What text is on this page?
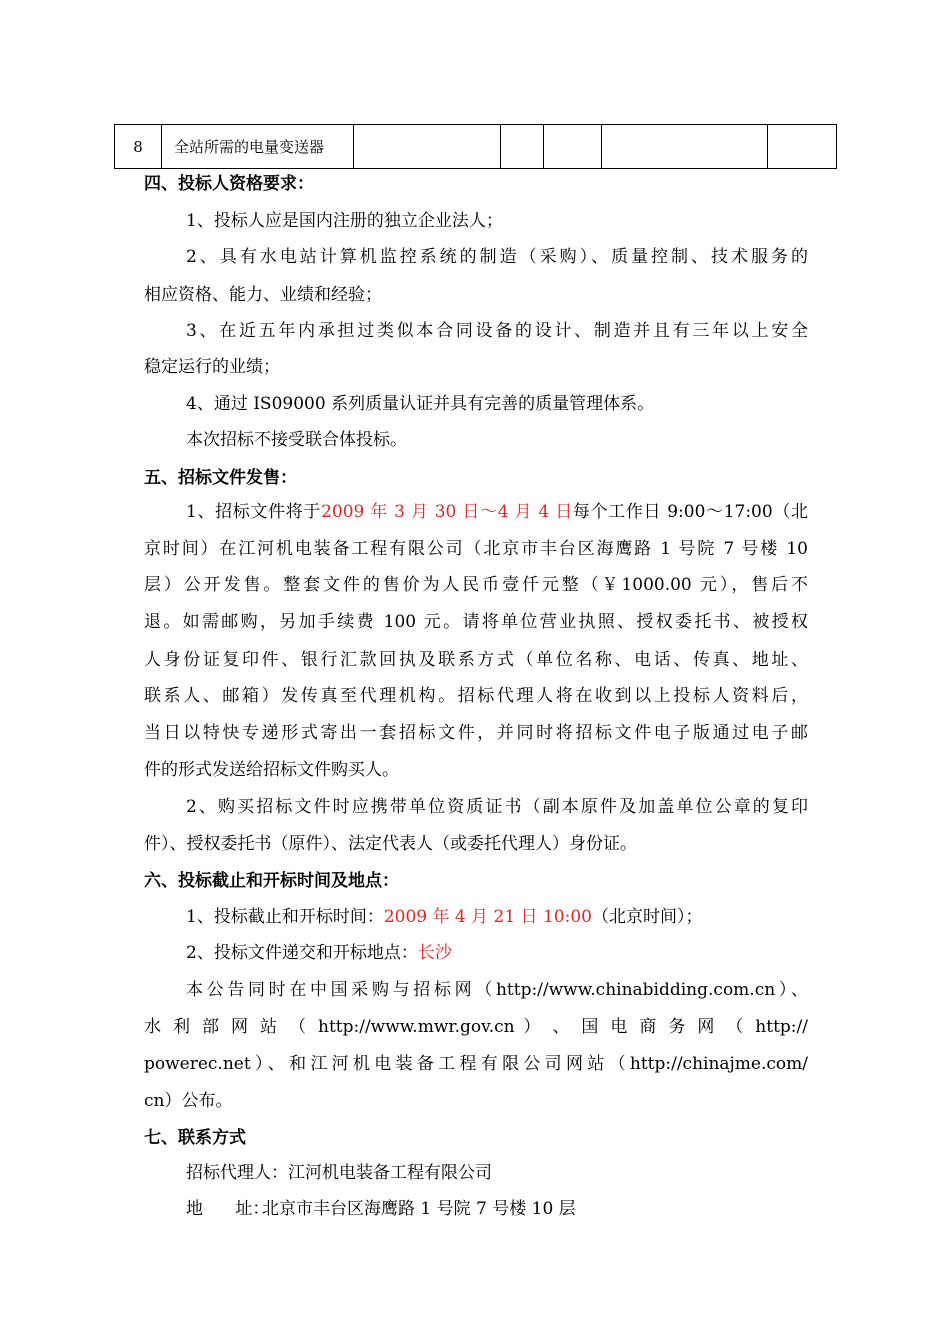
8	全站所需的电量变送器					
四、投标人资格要求：
1、投标人应是国内注册的独立企业法人；
2、具有水电站计算机监控系统的制造（采购）、质量控制、技术服务的
相应资格、能力、业绩和经验；
3、在近五年内承担过类似本合同设备的设计、制造并且有三年以上安全
稳定运行的业绩；
4、通过 IS09000 系列质量认证并具有完善的质量管理体系。
本次招标不接受联合体投标。
五、招标文件发售：
1、招标文件将于2009 年 3 月 30 日～4 月 4 日每个工作日 9:00～17:00（北
京时间）在江河机电装备工程有限公司（北京市丰台区海鹰路 1 号院 7 号楼 10
层）公开发售。整套文件的售价为人民币壹仟元整（￥1000.00 元），售后不
退。如需邮购，另加手续费 100 元。请将单位营业执照、授权委托书、被授权
人身份证复印件、银行汇款回执及联系方式（单位名称、电话、传真、地址、
联系人、邮箱）发传真至代理机构。招标代理人将在收到以上投标人资料后，
当日以特快专递形式寄出一套招标文件，并同时将招标文件电子版通过电子邮
件的形式发送给招标文件购买人。
2、购买招标文件时应携带单位资质证书（副本原件及加盖单位公章的复印
件）、授权委托书（原件）、法定代表人（或委托代理人）身份证。
六、投标截止和开标时间及地点：
1、投标截止和开标时间：2009 年 4 月 21 日 10:00（北京时间）；
2、投标文件递交和开标地点：长沙
本公告同时在中国采购与招标网（http://www.chinabidding.com.cn）、
水 利 部 网 站 （ http://www.mwr.gov.cn ） 、 国 电 商 务 网 （ http://
powerec.net）、和江河机电装备工程有限公司网站（http://chinajme.com/
cn）公布。
七、联系方式
招标代理人：江河机电装备工程有限公司
地      址：北京市丰台区海鹰路 1 号院 7 号楼 10 层
